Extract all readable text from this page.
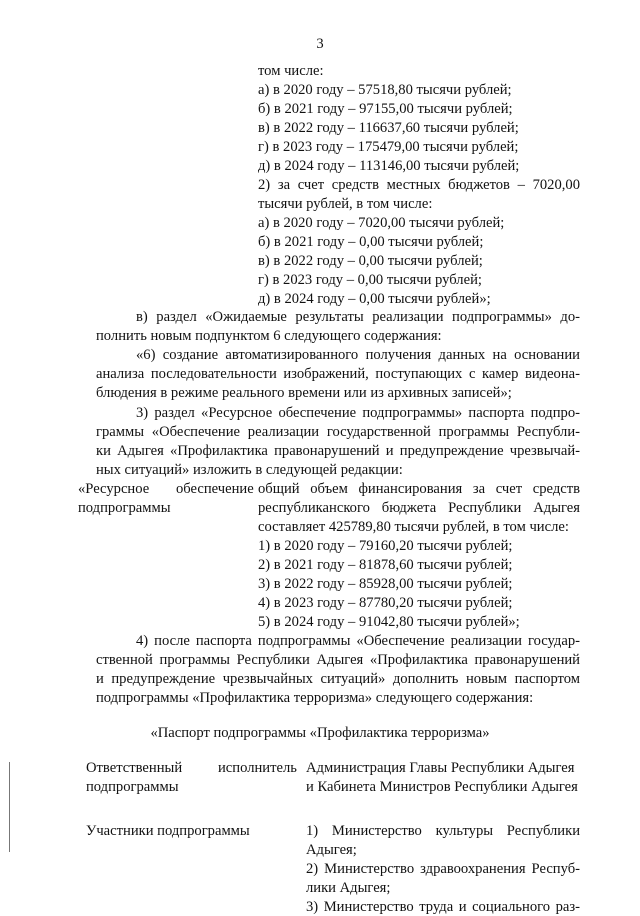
3
том числе:
а) в 2020 году – 57518,80 тысячи рублей;
б) в 2021 году – 97155,00 тысячи рублей;
в) в 2022 году – 116637,60 тысячи рублей;
г) в 2023 году – 175479,00 тысячи рублей;
д) в 2024 году – 113146,00 тысячи рублей;
2) за счет средств местных бюджетов – 7020,00
тысячи рублей, в том числе:
а) в 2020 году – 7020,00 тысячи рублей;
б) в 2021 году – 0,00 тысячи рублей;
в) в 2022 году – 0,00 тысячи рублей;
г) в 2023 году – 0,00 тысячи рублей;
д) в 2024 году – 0,00 тысячи рублей»;
в) раздел «Ожидаемые результаты реализации подпрограммы» до-
полнить новым подпунктом 6 следующего содержания:
«6) создание автоматизированного получения данных на основании
анализа последовательности изображений, поступающих с камер видеона-
блюдения в режиме реального времени или из архивных записей»;
3) раздел «Ресурсное обеспечение подпрограммы» паспорта подпро-
граммы «Обеспечение реализации государственной программы Республи-
ки Адыгея «Профилактика правонарушений и предупреждение чрезвычай-
ных ситуаций» изложить в следующей редакции:
«Ресурсное обеспечение
подпрограммы
общий объем финансирования за счет средств
республиканского бюджета Республики Адыгея
составляет 425789,80 тысячи рублей, в том числе:
1) в 2020 году – 79160,20 тысячи рублей;
2) в 2021 году – 81878,60 тысячи рублей;
3) в 2022 году – 85928,00 тысячи рублей;
4) в 2023 году – 87780,20 тысячи рублей;
5) в 2024 году – 91042,80 тысячи рублей»;
4) после паспорта подпрограммы «Обеспечение реализации государ-
ственной программы Республики Адыгея «Профилактика правонарушений
и предупреждение чрезвычайных ситуаций» дополнить новым паспортом
подпрограммы «Профилактика терроризма» следующего содержания:
«Паспорт подпрограммы «Профилактика терроризма»
Ответственный исполнитель
подпрограммы
Администрация Главы Республики Адыгея
и Кабинета Министров Республики Адыгея
Участники подпрограммы	1) Министерство культуры Республики
Адыгея;
2) Министерство здравоохранения Респуб-
лики Адыгея;
3) Министерство труда и социального раз-
